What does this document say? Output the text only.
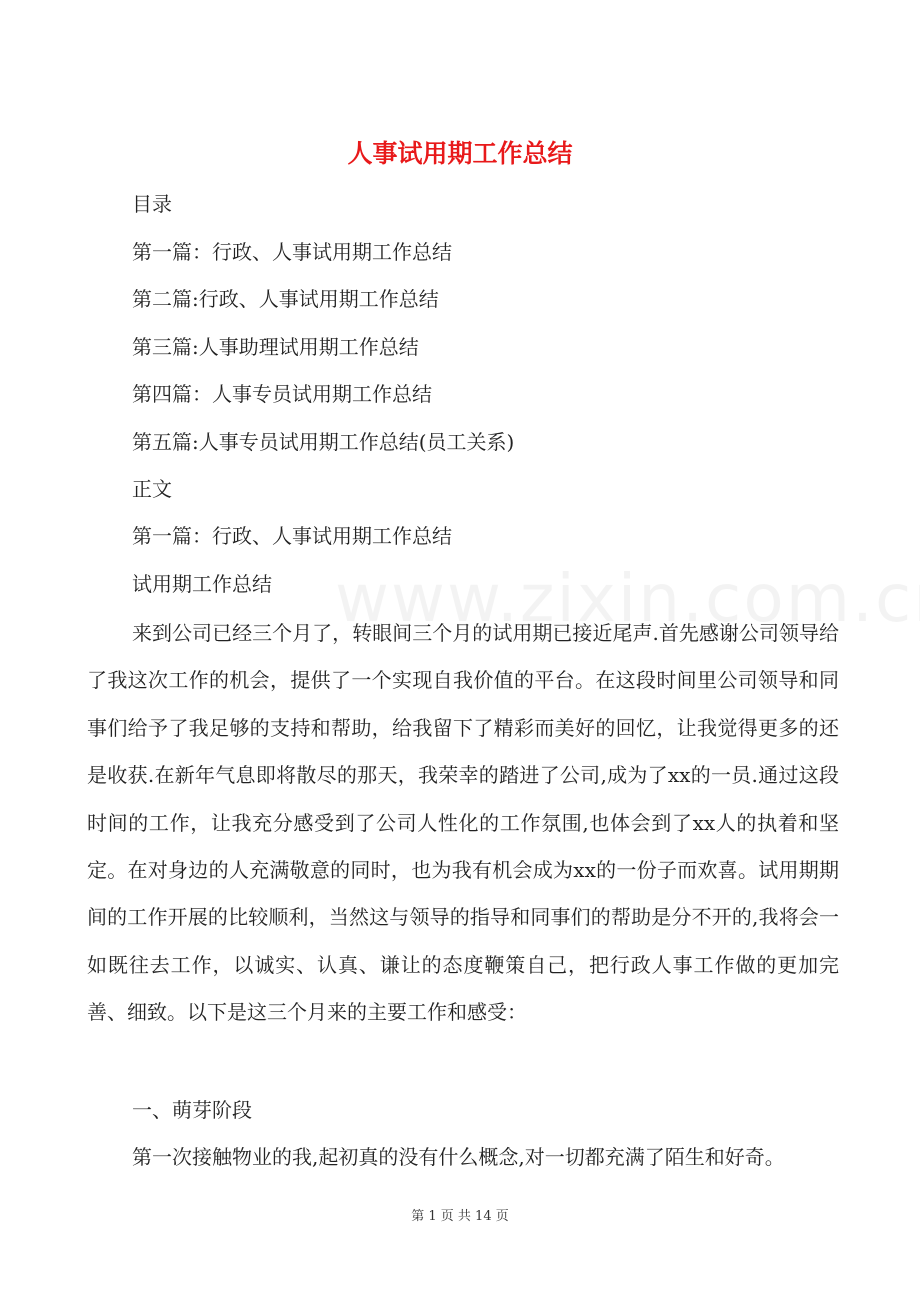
人事试用期工作总结

目录

第一篇：行政、人事试用期工作总结

第二篇:行政、人事试用期工作总结

第三篇:人事助理试用期工作总结

第四篇：人事专员试用期工作总结

第五篇:人事专员试用期工作总结(员工关系)

正文

第一篇：行政、人事试用期工作总结

试用期工作总结

来到公司已经三个月了，转眼间三个月的试用期已接近尾声.首先感谢公司领导给了我这次工作的机会，提供了一个实现自我价值的平台。在这段时间里公司领导和同事们给予了我足够的支持和帮助，给我留下了精彩而美好的回忆，让我觉得更多的还是收获.在新年气息即将散尽的那天，我荣幸的踏进了公司,成为了xx的一员.通过这段时间的工作，让我充分感受到了公司人性化的工作氛围,也体会到了xx人的执着和坚定。在对身边的人充满敬意的同时，也为我有机会成为xx的一份子而欢喜。试用期期间的工作开展的比较顺利，当然这与领导的指导和同事们的帮助是分不开的,我将会一如既往去工作，以诚实、认真、谦让的态度鞭策自己，把行政人事工作做的更加完善、细致。以下是这三个月来的主要工作和感受：

一、萌芽阶段

第一次接触物业的我,起初真的没有什么概念,对一切都充满了陌生和好奇。

第 1 页 共 14 页
